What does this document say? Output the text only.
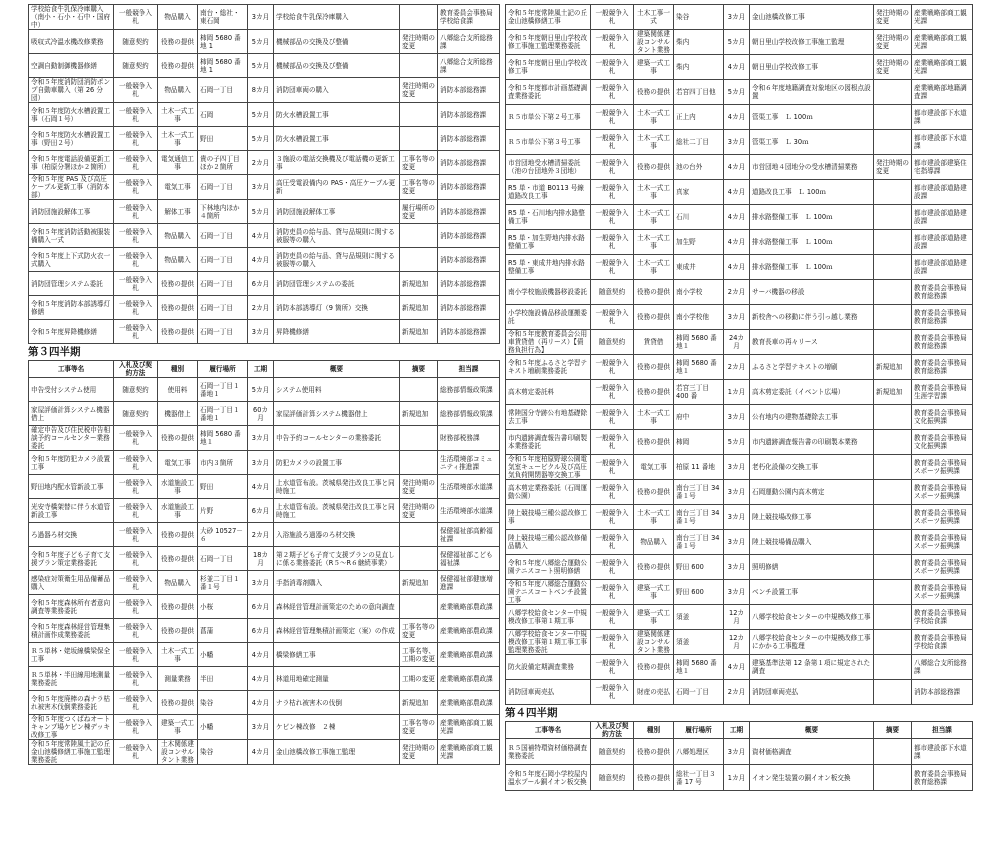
学校給食牛乳保冷庫購入（南小・石小・石中・国府中）	一般競争入札	物品購入	南台・総社・東石岡	3カ月	学校給食牛乳保冷庫購入		教育委員会事務局学校給食課
吸収式冷温水機改修業務	随意契約	役務の提供	柿岡 5680 番地 1	5カ月	機械部品の交換及び整備	発注時期の変更	八郷総合支所総務課
空調自動制御機器修繕	随意契約	役務の提供	柿岡 5680 番地 1	5カ月	機械部品の交換及び整備		八郷総合支所総務課
令和５年度消防団消防ポンプ自動車購入（第 26 分団）	一般競争入札	物品購入	石岡一丁目	8カ月	消防団車両の購入	発注時期の変更	消防本部総務課
令和５年度防火水槽設置工事（石岡１号）	一般競争入札	土木一式工事	石岡	5カ月	防火水槽設置工事		消防本部総務課
令和５年度防火水槽設置工事（野田２号）	一般競争入札	土木一式工事	野田	5カ月	防火水槽設置工事		消防本部総務課
令和５年度電話設備更新工事（柏原分署ほか２箇所）	一般競争入札	電気通信工事	貴の子四丁目ほか２箇所	2カ月	３施設の電話交換機及び電話機の更新工事	工事名等の変更	消防本部総務課
令和５年度 PAS 及び高圧ケーブル更新工事（消防本部）	一般競争入札	電気工事	石岡一丁目	3カ月	高圧受電設備内の PAS・高圧ケーブル更新	工事名等の変更	消防本部総務課
消防団施設解体工事	一般競争入札	解体工事	下林地内ほか４箇所	5カ月	消防団施設解体工事	履行場所の変更	消防本部総務課
令和５年度消防活動被服装備購入一式	一般競争入札	物品購入	石岡一丁目	4カ月	消防吏員の給与品、貸与品規則に関する被服等の購入		消防本部総務課
令和５年度上下式防火衣一式購入	一般競争入札	物品購入	石岡一丁目	4カ月	消防吏員の給与品、貸与品規則に関する被服等の購入		消防本部総務課
消防団管理システム委託	一般競争入札	役務の提供	石岡一丁目	6カ月	消防団管理システムの委託	新規追加	消防本部総務課
令和５年度消防本部誘導灯修繕	一般競争入札	役務の提供	石岡一丁目	2カ月	消防本部誘導灯（9 箇所）交換	新規追加	消防本部総務課
令和５年度昇降機修繕	一般競争入札	役務の提供	石岡一丁目	3カ月	昇降機修繕	新規追加	消防本部総務課
第３四半期
工事等名	入札及び契約方法	種別	履行場所	工期	概要	摘要	担当課
申告受付システム使用	随意契約	使用料	石岡一丁目１番地１	5カ月	システム使用料		総務部情報政策課
家屋評価計算システム機器借上	随意契約	機器借上	石岡一丁目１番地１	60カ月	家屋評価計算システム機器借上	新規追加	総務部情報政策課
確定申告及び住民税申告相談予約コールセンター業務委託	一般競争入札	役務の提供	柿岡 5680 番地１	3カ月	申告予約コールセンターの業務委託		財務部税務課
令和５年度防犯カメラ設置工事	一般競争入札	電気工事	市内３箇所	3カ月	防犯カメラの設置工事		生活環境部コミュニティ推進課
野田地内配水管新設工事	一般競争入札	水道施設工事	野田	4カ月	上水道管布設。茨城県発注改良工事と同時施工	発注時期の変更	生活環境部水道課
光安寺橋架替に伴う水道管新設工事	一般競争入札	水道施設工事	片野	6カ月	上水道管布設。茨城県発注改良工事と同時施工	発注時期の変更	生活環境部水道課
ろ過器ろ材交換	一般競争入札	役務の提供	大砂 10527－６	2カ月	入浴施設ろ過器のろ材交換		保健福祉部高齢福祉課
令和５年度子ども子育て支援プラン策定業務委託	一般競争入札	役務の提供	石岡一丁目	18カ月	第２期子ども子育て支援プランの見直しに係る業務委託（R５～R６継続事業）		保健福祉部こども福祉課
感染症対策衛生用品備蓄品購入	一般競争入札	物品購入	杉並二丁目１番１号	3カ月	手指消毒剤購入	新規追加	保健福祉部健康増進課
令和５年度森林所有者意向調査等業務委託	一般競争入札	役務の提供	小桜	6カ月	森林経営管理計画策定のための意向調査		産業戦略部農政課
令和５年度森林経営管理集積計画作成業務委託	一般競争入札	役務の提供	菖蒲	6カ月	森林経営管理集積計画策定（案）の作成	工事名等の変更	産業戦略部農政課
Ｒ５単林・姥坂線橋梁保全工事	一般競争入札	土木一式工事	小幡	4カ月	橋梁修繕工事	工事名等、工期の変更	産業戦略部農政課
Ｒ５単林・半田線用地測量業務委託	一般競争入札	測量業務	半田	4カ月	林道用地確定測量	工期の変更	産業戦略部農政課
令和５年度廃棒の森ナラ枯れ被害木伐倒業務委託	一般競争入札	役務の提供	染谷	4カ月	ナラ枯れ被害木の伐倒	新規追加	産業戦略部農政課
令和５年度つくばねオートキャンプ場ケビン棟デッキ改修工事	一般競争入札	建築一式工事	小幡	3カ月	ケビン棟改修　２棟	工事名等の変更	産業戦略部商工観光課
令和５年度常陸風土記の丘金山池橋修繕工事施工監理業務委託	一般競争入札	土木関係建設コンサルタント業務	染谷	4カ月	金山池橋改修工事施工監理	発注時期の変更	産業戦略部商工観光課
令和５年度常陸風土記の丘金山池橋修繕工事	一般競争入札	土木工事一式	染谷	3カ月	金山池橋改修工事	発注時期の変更	産業戦略部商工観光課
令和５年度朝日里山学校改修工事施工監理業務委託	一般競争入札	建築関係建設コンサルタント業務	柴内	5カ月	朝日里山学校改修工事施工監理	発注時期の変更	産業戦略部商工観光課
令和５年度朝日里山学校改修工事	一般競争入札	建築一式工事	柴内	4カ月	朝日里山学校改修工事	発注時期の変更	産業戦略部商工観光課
令和５年度都市計画基礎調査業務委託	一般競争入札	役務の提供	若宮四丁目他	5カ月	令和６年度地籍調査対象地区の図根点設置		産業戦略部地籍調査課
Ｒ５市単公下第２号工事	一般競争入札	土木一式工事	正上内	4カ月	管渠工事　Ｌ 100ｍ		都市建設部下水道課
Ｒ５市単公下第３号工事	一般競争入札	土木一式工事	総社二丁目	3カ月	管渠工事　Ｌ 30ｍ		都市建設部下水道課
市営団地受水槽清掃委託（池の台団地外３団地）	一般競争入札	役務の提供	池の台外	4カ月	市営団地４団地分の受水槽清掃業務	発注時期の変更	都市建設部建築住宅指導課
R5 単・市道 B0113 号線道路改良工事	一般競争入札	土木一式工事	真家	4カ月	道路改良工事　Ｌ 100ｍ		都市建設部道路建設課
R5 単・石川地内排水路整備工事	一般競争入札	土木一式工事	石川	4カ月	排水路整備工事　Ｌ 100ｍ		都市建設部道路建設課
R5 単・加生野地内排水路整備工事	一般競争入札	土木一式工事	加生野	4カ月	排水路整備工事　Ｌ 100ｍ		都市建設部道路建設課
R5 単・東成井地内排水路整備工事	一般競争入札	土木一式工事	東成井	4カ月	排水路整備工事　Ｌ 100ｍ		都市建設部道路建設課
南小学校施設機器移設委託	随意契約	役務の提供	南小学校	2カ月	サーバ機器の移設		教育委員会事務局教育総務課
小学校施設備品移設運搬委託	一般競争入札	役務の提供	南小学校他	3カ月	新校舎への移動に伴う引っ越し業務		教育委員会事務局教育総務課
令和５年度教育委員会公用車賃貸借（再リース）【債務負担行為】	随意契約	賃貸借	柿岡 5680 番地１	24カ月	教育長車の再々リース		教育委員会事務局教育総務課
令和５年度ふるさと学習テキスト増刷業務委託	一般競争入札	役務の提供	柿岡 5680 番地１	2カ月	ふるさと学習テキストの増刷	新規追加	教育委員会事務局教育総務課
高木剪定委託料	一般競争入札	役務の提供	若宮三丁目 400 番	1カ月	高木剪定委託（イベント広場）	新規追加	教育委員会事務局生涯学習課
常陸国分寺跡公有地基礎除去工事	一般競争入札	土木一式工事	府中	3カ月	公有地内の建物基礎除去工事		教育委員会事務局文化振興課
市内遺跡調査報告書印刷製本業務委託	一般競争入札	役務の提供	柿岡	5カ月	市内遺跡調査報告書の印刷製本業務		教育委員会事務局文化振興課
令和５年度柏原野球公園電気室キュービクル及び高圧気負荷開閉器等交換工事	一般競争入札	電気工事	柏原 11 番地	3カ月	老朽化設備の交換工事		教育委員会事務局スポーツ振興課
高木剪定業務委託（石岡運動公園）	一般競争入札	役務の提供	南台三丁目 34 番１号	3カ月	石岡運動公園内高木剪定		教育委員会事務局スポーツ振興課
陸上競技場三種公認改修工事	一般競争入札	土木一式工事	南台三丁目 34 番１号	3カ月	陸上競技場改修工事		教育委員会事務局スポーツ振興課
陸上競技場三種公認改修備品購入	一般競争入札	物品購入	南台三丁目 34 番１号	3カ月	陸上競技場備品購入		教育委員会事務局スポーツ振興課
令和５年度八郷総合運動公園テニスコート照明修繕	一般競争入札	役務の提供	野田 600	3カ月	照明修繕		教育委員会事務局スポーツ振興課
令和５年度八郷総合運動公園テニスコートベンチ設置工事	一般競争入札	建築一式工事	野田 600	3カ月	ベンチ設置工事		教育委員会事務局スポーツ振興課
八郷学校給食センター中規模改修工事第１期工事	一般競争入札	建築一式工事	須釜	12カ月	八郷学校給食センターの中規模改修工事		教育委員会事務局学校給食課
八郷学校給食センター中規模改修工事第１期工事工事監理業務委託	一般競争入札	建築関係建設コンサルタント業務	須釜	12カ月	八郷学校給食センターの中規模改修工事にかかる工事監理		教育委員会事務局学校給食課
防火設備定期調査業務	一般競争入札	役務の提供	柿岡 5680 番地１	4カ月	建築基準法第 12 条第１項に規定された調査		八郷総合支所総務課
消防団車両売払	一般競争入札	財産の売払	石岡一丁目	2カ月	消防団車両売払		消防本部総務課
第４四半期
工事等名	入札及び契約方法	種別	履行場所	工期	概要	摘要	担当課
Ｒ５国補特環資材価格調査業務委託	随意契約	役務の提供	八郷処理区	3カ月	資材価格調査		都市建設部下水道課
令和５年度石岡小学校屋内温水プール銅イオン板交換	随意契約	役務の提供	総社一丁目３番 17 号	1カ月	イオン発生装置の銅イオン板交換		教育委員会事務局教育総務課
